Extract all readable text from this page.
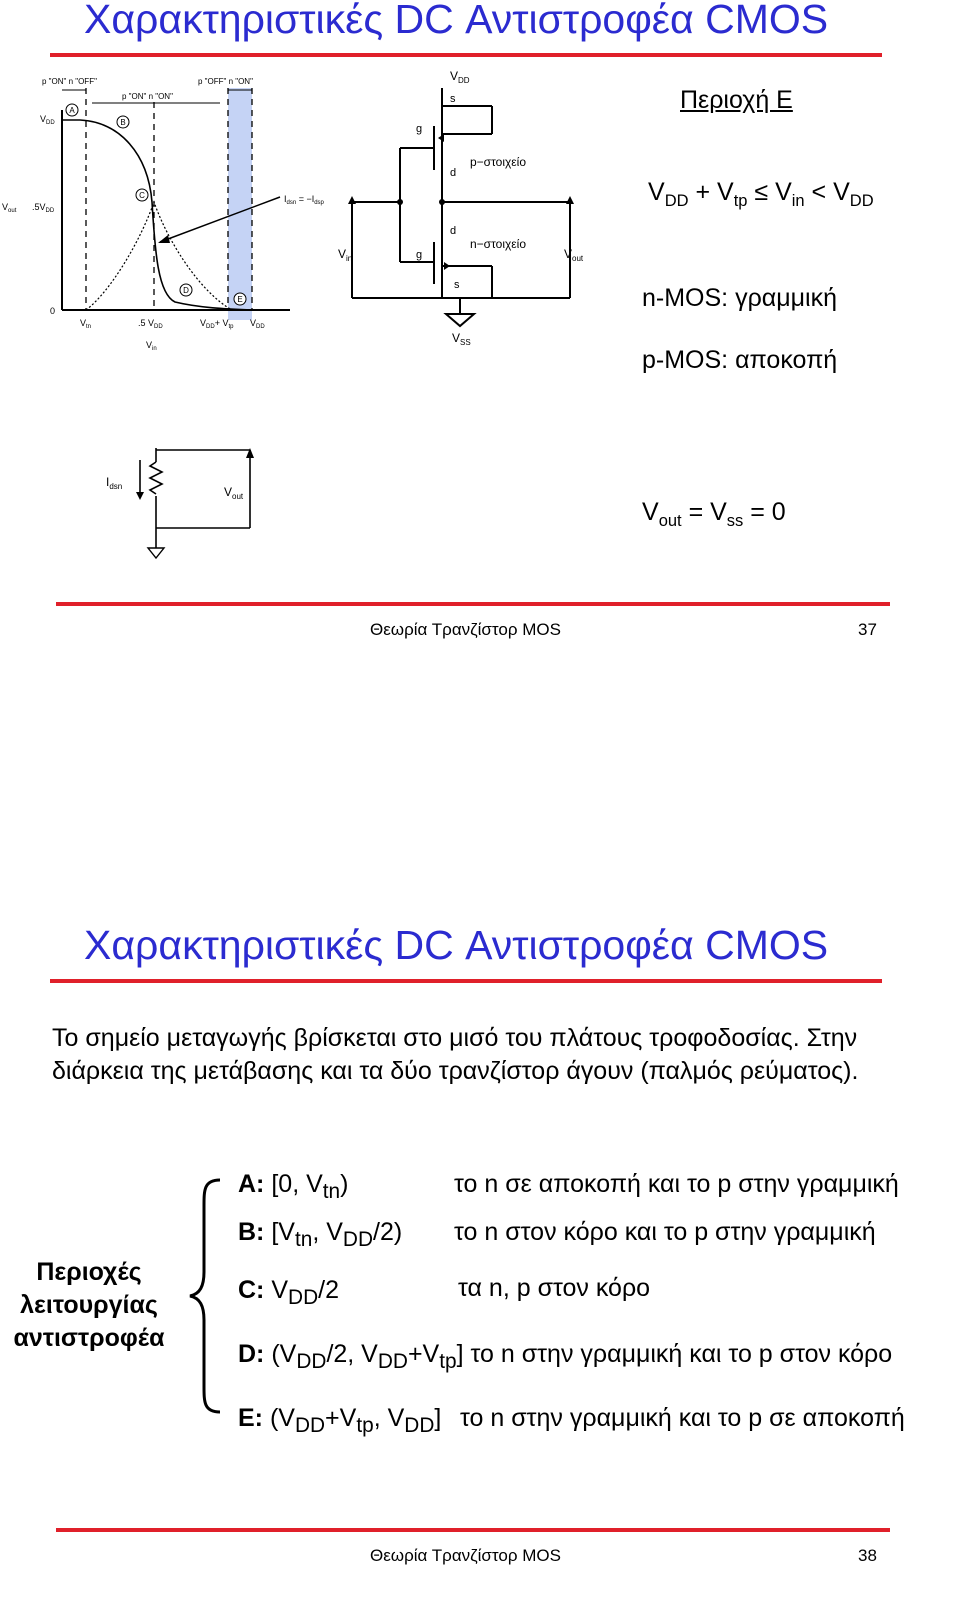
Χαρακτηριστικές DC Αντιστροφέα CMOS
p "ON" n "OFF"
p "ON" n "ON"
p "OFF" n "ON"
A
B
C
D
E
$V_{DD}$
$.5V_{DD}$
0
$V_{out}$
$V_{tn}$	.5 $V_{DD}$	$V_{DD}+ V_{tp}$ $V_{DD}$
$V_{in}$
$I_{dsn} = -I_{dsp}$
$V_{DD}$
$V_{SS}$
$V_{in}$	$V_{out}$
p−στοιχείο
n−στοιχείο
s
g
d
d
g
s
Περιοχή Ε
$V_{DD} + V_{tp} \le V_{in} < V_{DD}$
n-MOS: γραμμική
p-MOS: αποκοπή
$I_{dsn}$	$V_{out}$
$V_{out} = V_{ss} = 0$
Θεωρία Τρανζίστορ MOS	37
Χαρακτηριστικές DC Αντιστροφέα CMOS
Το σημείο μεταγωγής βρίσκεται στο μισό του πλάτους τροφοδοσίας. Στην διάρκεια της μετάβασης και τα δύο τρανζίστορ άγουν (παλμός ρεύματος).
Περιοχές λειτουργίας αντιστροφέα
A: [0, $V_{tn}$)	το n σε αποκοπή και το p στην γραμμική
B: [$V_{tn}$, $V_{DD}/2$) το n στον κόρο και το p στην γραμμική
C: $V_{DD}/2$	τα n, p στον κόρο
D: ($V_{DD}/2$, $V_{DD}+V_{tp}$] το n στην γραμμική και το p στον κόρο
E: ($V_{DD}+V_{tp}$, $V_{DD}$] το n στην γραμμική και το p σε αποκοπή
Θεωρία Τρανζίστορ MOS	38
